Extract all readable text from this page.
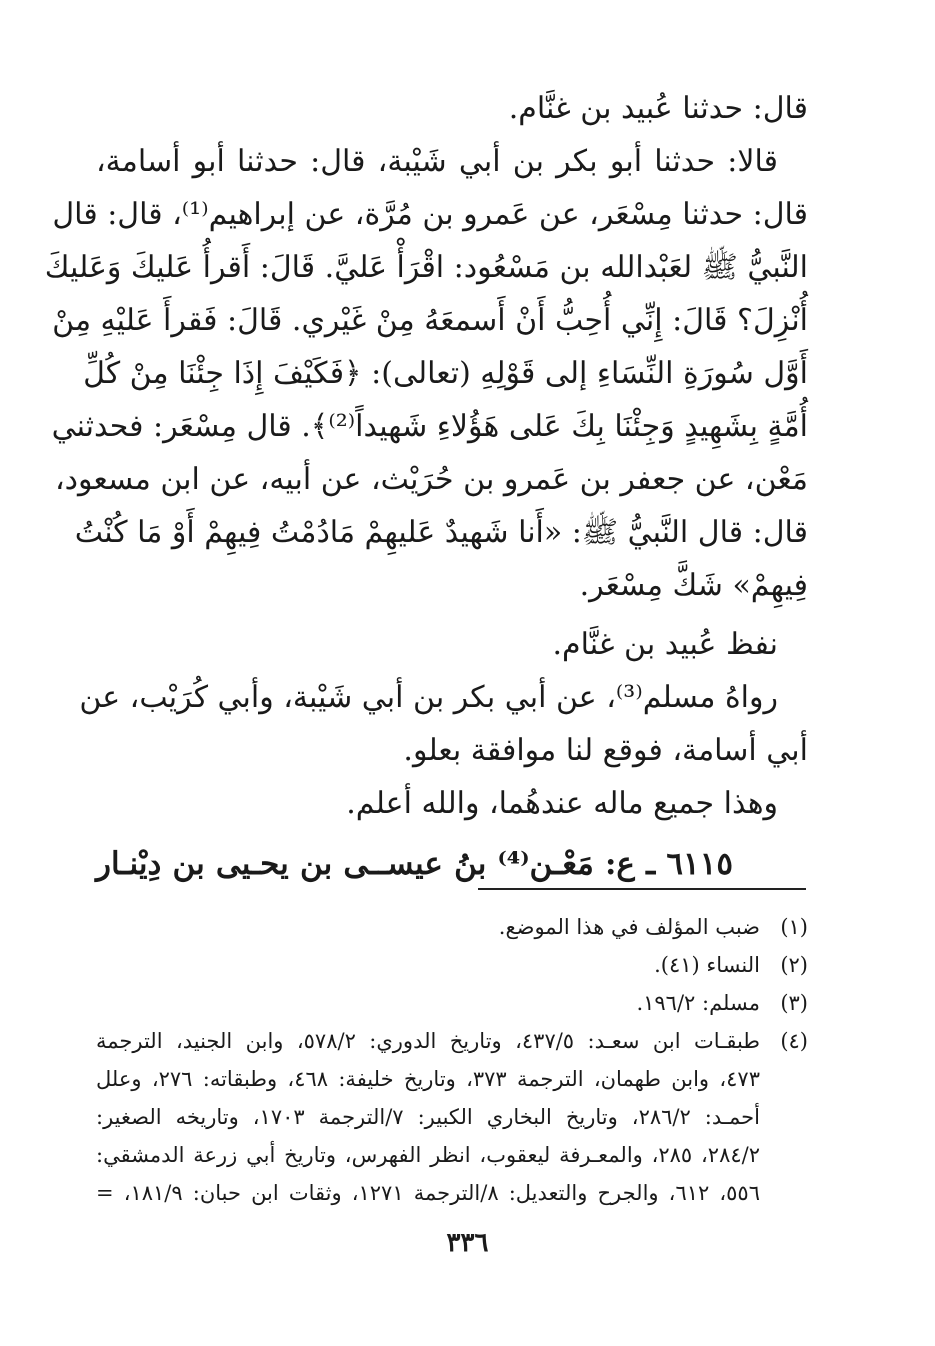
قال: حدثنا عُبيد بن غنَّام.
قالا: حدثنا أبو بكر بن أبي شَيْبة، قال: حدثنا أبو أسامة،
قال: حدثنا مِسْعَر، عن عَمرو بن مُرَّة، عن إبراهيم⁽¹⁾، قال: قال
النَّبيُّ ﷺ لعَبْدالله بن مَسْعُود: اقْرَأْ عَليَّ. قَالَ: أَقرأُ عَليكَ وَعَليكَ
أُنْزِلَ؟ قَالَ: إِنِّي أُحِبُّ أَنْ أَسمعَهُ مِنْ غَيْري. قَالَ: فَقرأَ عَليْهِ مِنْ
أَوَّل سُورَةِ النِّسَاءِ إلى قَوْلِهِ (تعالى): ﴿فَكَيْفَ إِذَا جِئْنَا مِنْ كُلِّ
أُمَّةٍ بِشَهِيدٍ وَجِئْنَا بِكَ عَلى هَؤُلاءِ شَهيداً⁽²⁾﴾. قال مِسْعَر: فحدثني
مَعْن، عن جعفر بن عَمرو بن حُرَيْث، عن أبيه، عن ابن مسعود،
قال: قال النَّبيُّ ﷺ: «أَنا شَهيدٌ عَليهِمْ مَادُمْتُ فِيهِمْ أَوْ مَا كُنْتُ
فِيهِمْ» شَكَّ مِسْعَر.
نفظ عُبيد بن غنَّام.
رواهُ مسلم⁽³⁾، عن أبي بكر بن أبي شَيْبة، وأبي كُرَيْب، عن
أبي أسامة، فوقع لنا موافقة بعلو.
وهذا جميع ماله عندهُما، والله أعلم.
٦١١٥ ـ ع: مَعْـن⁽⁴⁾ بنُ عيســى بن يحـيى بن دِيْنـار
(١)
ضبب المؤلف في هذا الموضع.
(٢)
النساء (٤١).
(٣)
مسلم: ١٩٦/٢.
(٤)
طبقـات ابن سعـد: ٤٣٧/٥، وتاريخ الدوري: ٥٧٨/٢، وابن الجنيد، الترجمة
٤٧٣، وابن طهمان، الترجمة ٣٧٣، وتاريخ خليفة: ٤٦٨، وطبقاته: ٢٧٦، وعلل
أحمـد: ٢٨٦/٢، وتاريخ البخاري الكبير: ٧/الترجمة ١٧٠٣، وتاريخه الصغير:
٢٨٤/٢، ٢٨٥، والمعـرفة ليعقوب، انظر الفهرس، وتاريخ أبي زرعة الدمشقي:
٥٥٦، ٦١٢، والجرح والتعديل: ٨/الترجمة ١٢٧١، وثقات ابن حبان: ١٨١/٩، =
٣٣٦
